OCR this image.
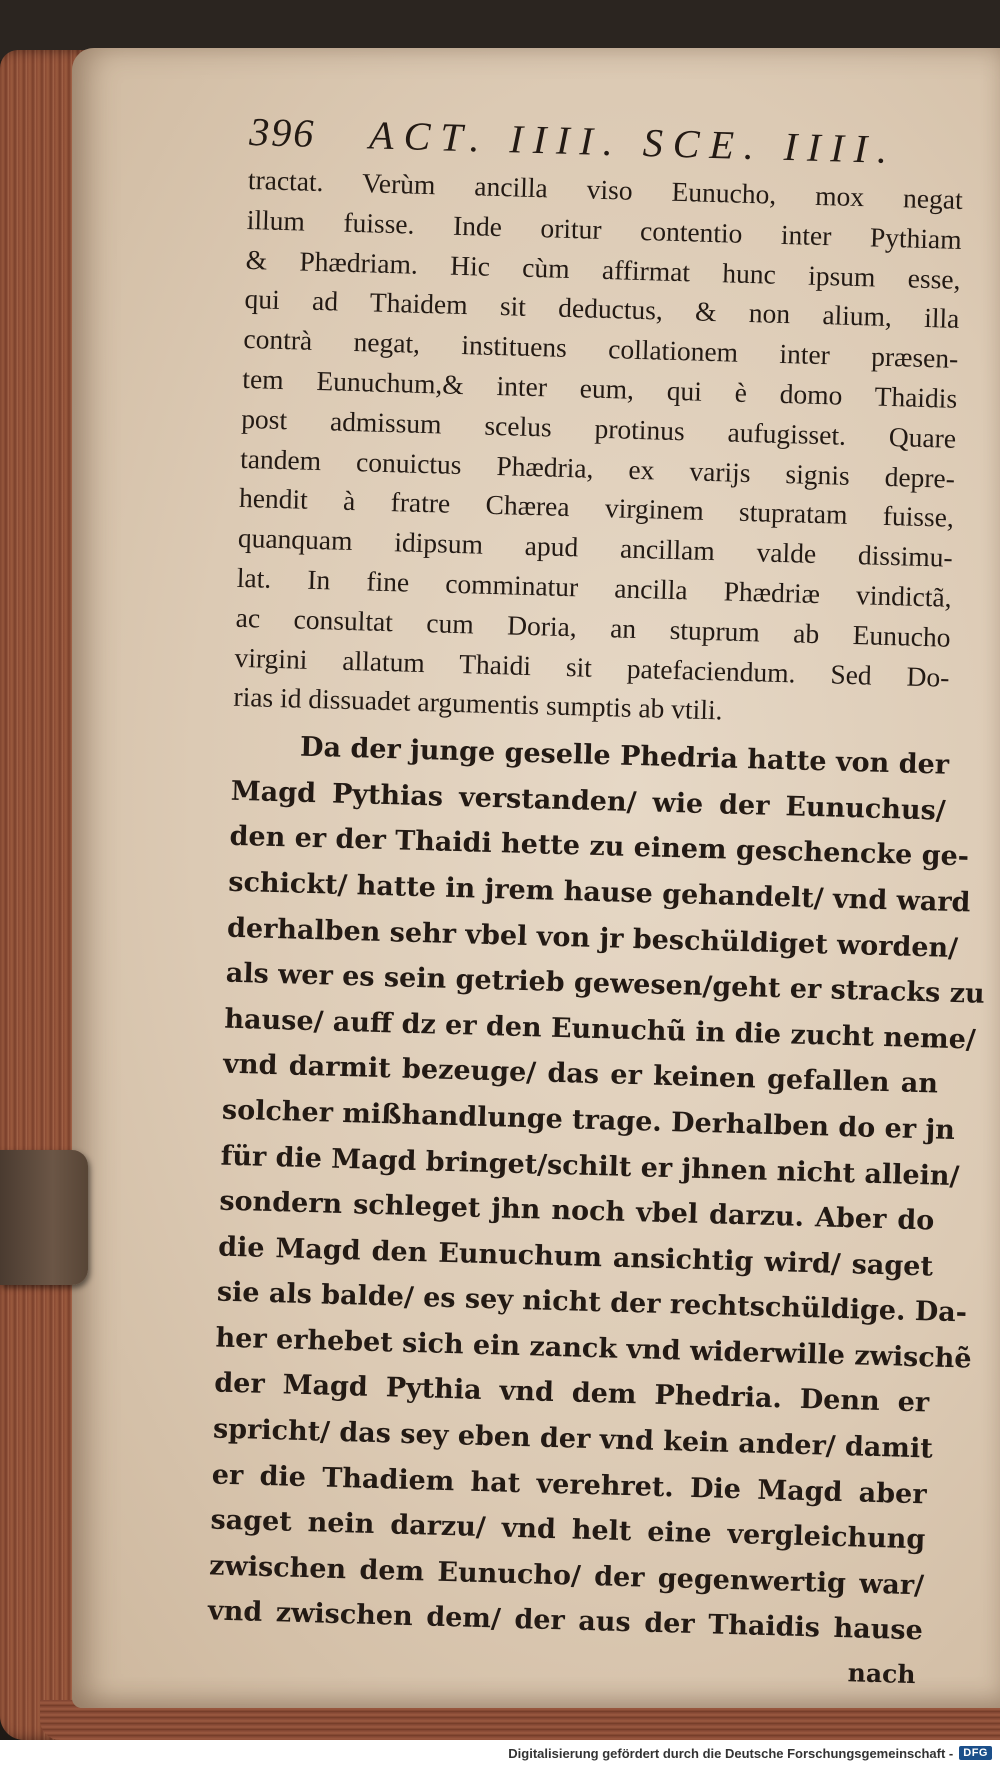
396	ACT. IIII. SCE. IIII.
tractat. Verùm ancilla viso Eunucho, mox negat
illum fuisse. Inde oritur contentio inter Pythiam
& Phædriam. Hic cùm affirmat hunc ipsum esse,
qui ad Thaidem sit deductus, & non alium, illa
contrà negat, instituens collationem inter præsen-
tem Eunuchum,& inter eum, qui è domo Thaidis
post admissum scelus protinus aufugisset. Quare
tandem conuictus Phædria, ex varijs signis depre-
hendit à fratre Chærea virginem stupratam fuisse,
quanquam idipsum apud ancillam valde dissimu-
lat. In fine comminatur ancilla Phædriæ vindictã,
ac consultat cum Doria, an stuprum ab Eunucho
virgini allatum Thaidi sit patefaciendum. Sed Do-
rias id dissuadet argumentis sumptis ab vtili.
Da der junge geselle Phedria hatte von der
Magd Pythias verstanden/ wie der Eunuchus/
den er der Thaidi hette zu einem geschencke ge-
schickt/ hatte in jrem hause gehandelt/ vnd ward
derhalben sehr vbel von jr beschüldiget worden/
als wer es sein getrieb gewesen/geht er stracks zu
hause/ auff dz er den Eunuchũ in die zucht neme/
vnd darmit bezeuge/ das er keinen gefallen an
solcher mißhandlunge trage. Derhalben do er jn
für die Magd bringet/schilt er jhnen nicht allein/
sondern schleget jhn noch vbel darzu. Aber do
die Magd den Eunuchum ansichtig wird/ saget
sie als balde/ es sey nicht der rechtschüldige. Da-
her erhebet sich ein zanck vnd widerwille zwischẽ
der Magd Pythia vnd dem Phedria. Denn er
spricht/ das sey eben der vnd kein ander/ damit
er die Thadiem hat verehret. Die Magd aber
saget nein darzu/ vnd helt eine vergleichung
zwischen dem Eunucho/ der gegenwertig war/
vnd zwischen dem/ der aus der Thaidis hause
nach
Digitalisierung gefördert durch die Deutsche Forschungsgemeinschaft - DFG
